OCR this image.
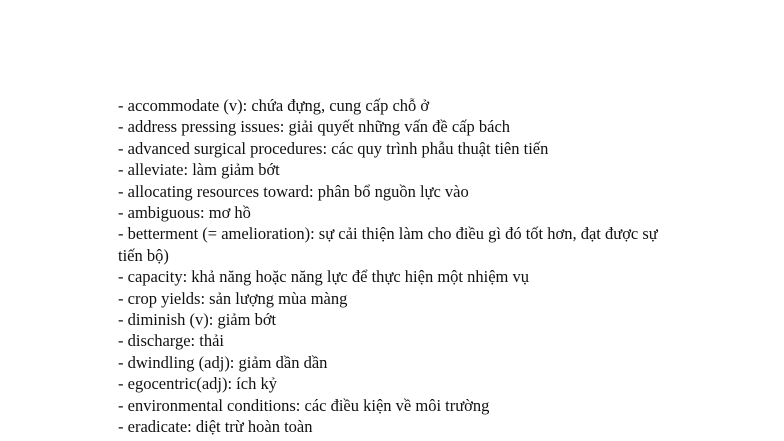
- accommodate (v): chứa đựng, cung cấp chỗ ở
- address pressing issues: giải quyết những vấn đề cấp bách
- advanced surgical procedures: các quy trình phẫu thuật tiên tiến
- alleviate: làm giảm bớt
- allocating resources toward: phân bổ nguồn lực vào
- ambiguous: mơ hồ
- betterment (= amelioration): sự cải thiện làm cho điều gì đó tốt hơn, đạt được sự tiến bộ)
- capacity: khả năng hoặc năng lực để thực hiện một nhiệm vụ
- crop yields: sản lượng mùa màng
- diminish (v): giảm bớt
- discharge: thải
- dwindling (adj): giảm dần dần
- egocentric(adj): ích kỷ
- environmental conditions: các điều kiện về môi trường
- eradicate: diệt trừ hoàn toàn
